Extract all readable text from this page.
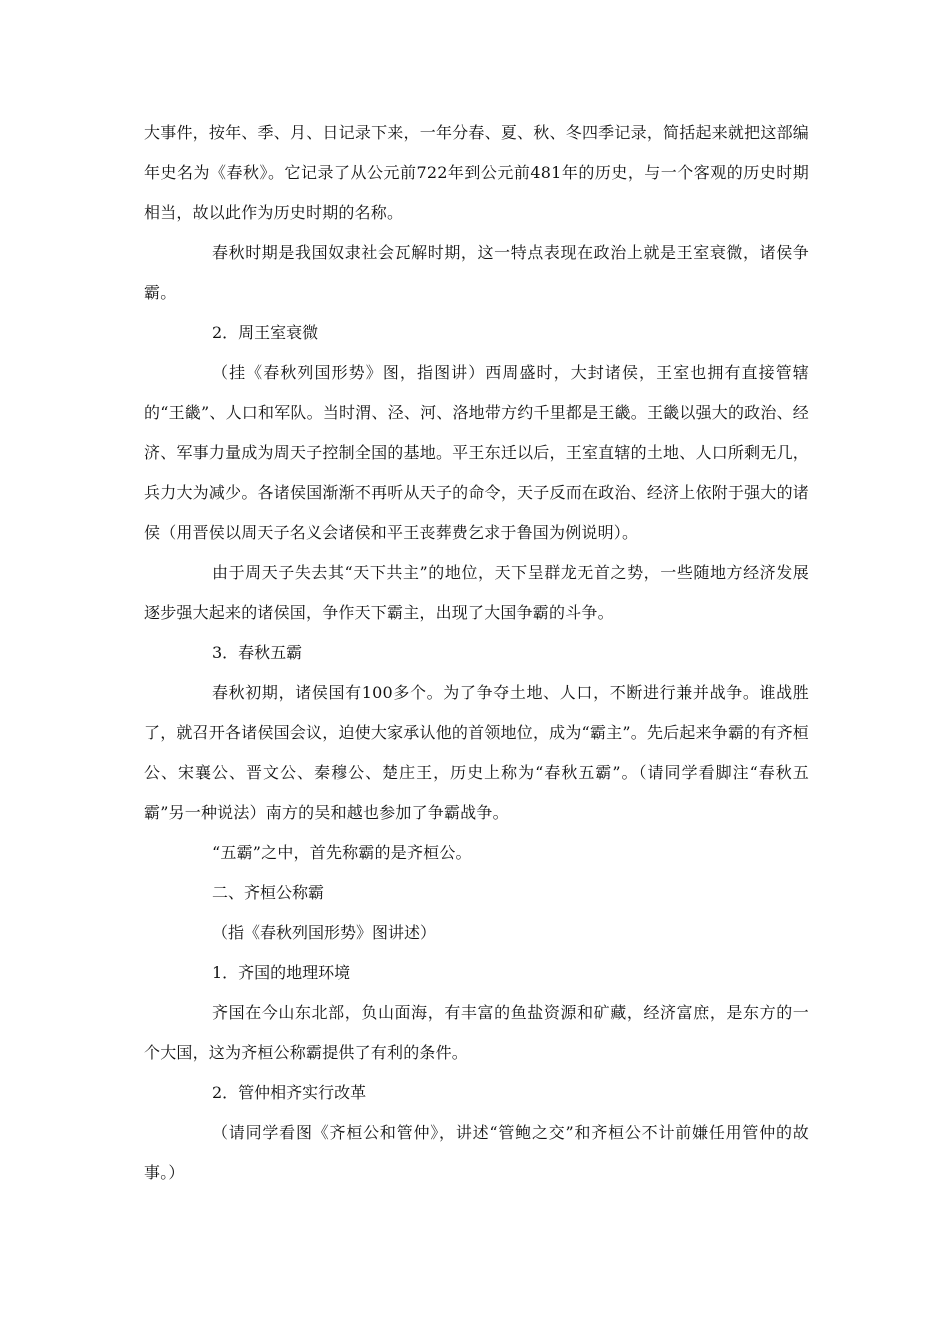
大事件，按年、季、月、日记录下来，一年分春、夏、秋、冬四季记录，简括起来就把这部编年史名为《春秋》。它记录了从公元前722年到公元前481年的历史，与一个客观的历史时期相当，故以此作为历史时期的名称。

春秋时期是我国奴隶社会瓦解时期，这一特点表现在政治上就是王室衰微，诸侯争霸。

2．周王室衰微

（挂《春秋列国形势》图，指图讲）西周盛时，大封诸侯，王室也拥有直接管辖的“王畿”、人口和军队。当时渭、泾、河、洛地带方约千里都是王畿。王畿以强大的政治、经济、军事力量成为周天子控制全国的基地。平王东迁以后，王室直辖的土地、人口所剩无几，兵力大为减少。各诸侯国渐渐不再听从天子的命令，天子反而在政治、经济上依附于强大的诸侯（用晋侯以周天子名义会诸侯和平王丧葬费乞求于鲁国为例说明）。

由于周天子失去其“天下共主”的地位，天下呈群龙无首之势，一些随地方经济发展逐步强大起来的诸侯国，争作天下霸主，出现了大国争霸的斗争。

3．春秋五霸

春秋初期，诸侯国有100多个。为了争夺土地、人口，不断进行兼并战争。谁战胜了，就召开各诸侯国会议，迫使大家承认他的首领地位，成为“霸主”。先后起来争霸的有齐桓公、宋襄公、晋文公、秦穆公、楚庄王，历史上称为“春秋五霸”。（请同学看脚注“春秋五霸”另一种说法）南方的吴和越也参加了争霸战争。

“五霸”之中，首先称霸的是齐桓公。

二、齐桓公称霸

（指《春秋列国形势》图讲述）

1．齐国的地理环境

齐国在今山东北部，负山面海，有丰富的鱼盐资源和矿藏，经济富庶，是东方的一个大国，这为齐桓公称霸提供了有利的条件。

2．管仲相齐实行改革

（请同学看图《齐桓公和管仲》，讲述“管鲍之交”和齐桓公不计前嫌任用管仲的故事。）
